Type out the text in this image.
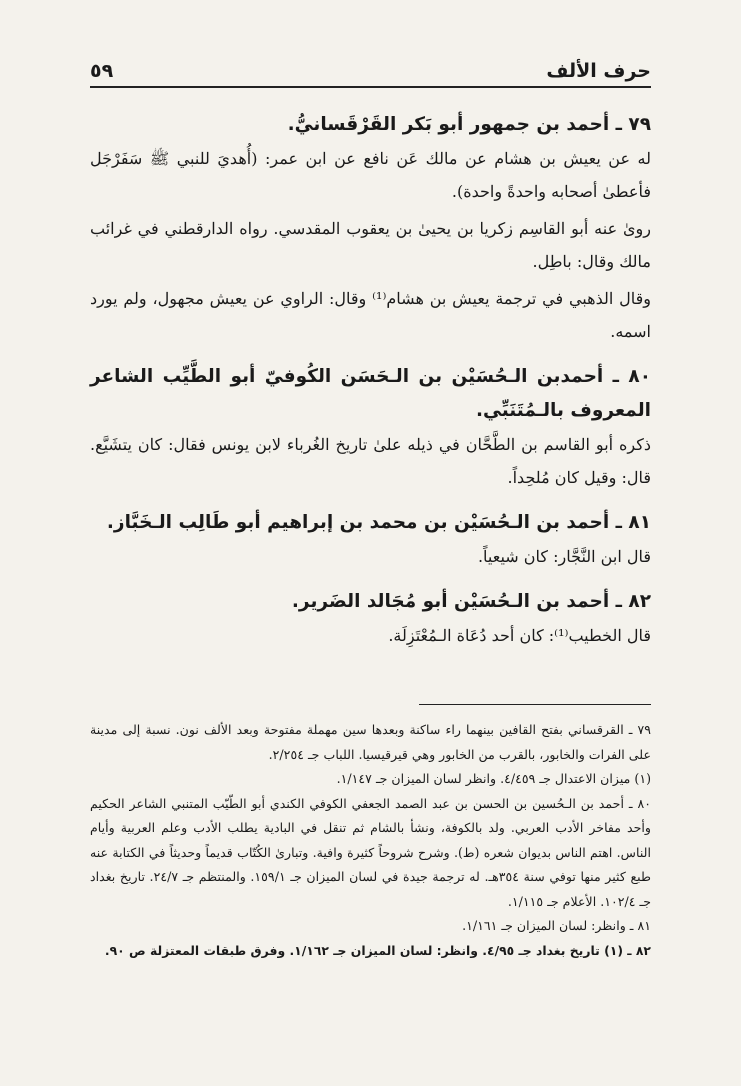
حرف الألف
٥٩

٧٩ ـ أحمد بن جمهور أبو بَكر القَرْقَسانيُّ.

له عن يعيش بن هشام عن مالك عَن نافع عن ابن عمر: (أُهديَ للنبي ﷺ سَفَرْجَل فأعطىٰ أصحابه واحدةً واحدة).

روىٰ عنه أبو القاسِم زكريا بن يحيىٰ بن يعقوب المقدسي. رواه الدارقطني في غرائب مالك وقال: باطِل.

وقال الذهبي في ترجمة يعيش بن هشام⁽¹⁾ وقال: الراوي عن يعيش مجهول، ولم يورد اسمه.

٨٠ ـ أحمدبن الـحُسَيْن بن الـحَسَن الكُوفيّ أبو الطَّيِّب الشاعر المعروف بالـمُتَنَبِّي.

ذكره أبو القاسم بن الطَّحَّان في ذيله علىٰ تاريخ الغُرباء لابن يونس فقال: كان يتشَيَّع. قال: وقيل كان مُلحِداً.

٨١ ـ أحمد بن الـحُسَيْن بن محمد بن إبراهيم أبو طَالِب الـخَبَّاز.

قال ابن النَّجَّار: كان شيعياً.

٨٢ ـ أحمد بن الـحُسَيْن أبو مُجَالد الضَرير.

قال الخطيب⁽¹⁾: كان أحد دُعَاة الـمُعْتَزِلَة.

٧٩ ـ القرقساني بفتح القافين بينهما راء ساكنة وبعدها سين مهملة مفتوحة وبعد الألف نون. نسبة إلى مدينة على الفرات والخابور، بالقرب من الخابور وهي قيرقيسيا. اللباب جـ ٢/٢٥٤.

(١) ميزان الاعتدال جـ ٤/٤٥٩. وانظر لسان الميزان جـ ١/١٤٧.

٨٠ ـ أحمد بن الـحُسين بن الحسن بن عبد الصمد الجعفي الكوفي الكندي أبو الطّيّب المتنبي الشاعر الحكيم وأحد مفاخر الأدب العربي. ولد بالكوفة، ونشأ بالشام ثم تنقل في البادية يطلب الأدب وعلم العربية وأيام الناس. اهتم الناس بديوان شعره (ط). وشرح شروحاً كثيرة وافية. وتبارىٰ الكُتّاب قديماً وحديثاً في الكتابة عنه طبع كثير منها توفي سنة ٣٥٤هـ. له ترجمة جيدة في لسان الميزان جـ ١٥٩/١. والمنتظم جـ ٢٤/٧. تاريخ بغداد جـ ١٠٢/٤. الأعلام جـ ١/١١٥.

٨١ ـ وانظر: لسان الميزان جـ ١/١٦١.

٨٢ ـ (١) تاريخ بغداد جـ ٤/٩٥. وانظر: لسان الميزان جـ ١/١٦٢. وفرق طبقات المعتزلة ص ٩٠.
